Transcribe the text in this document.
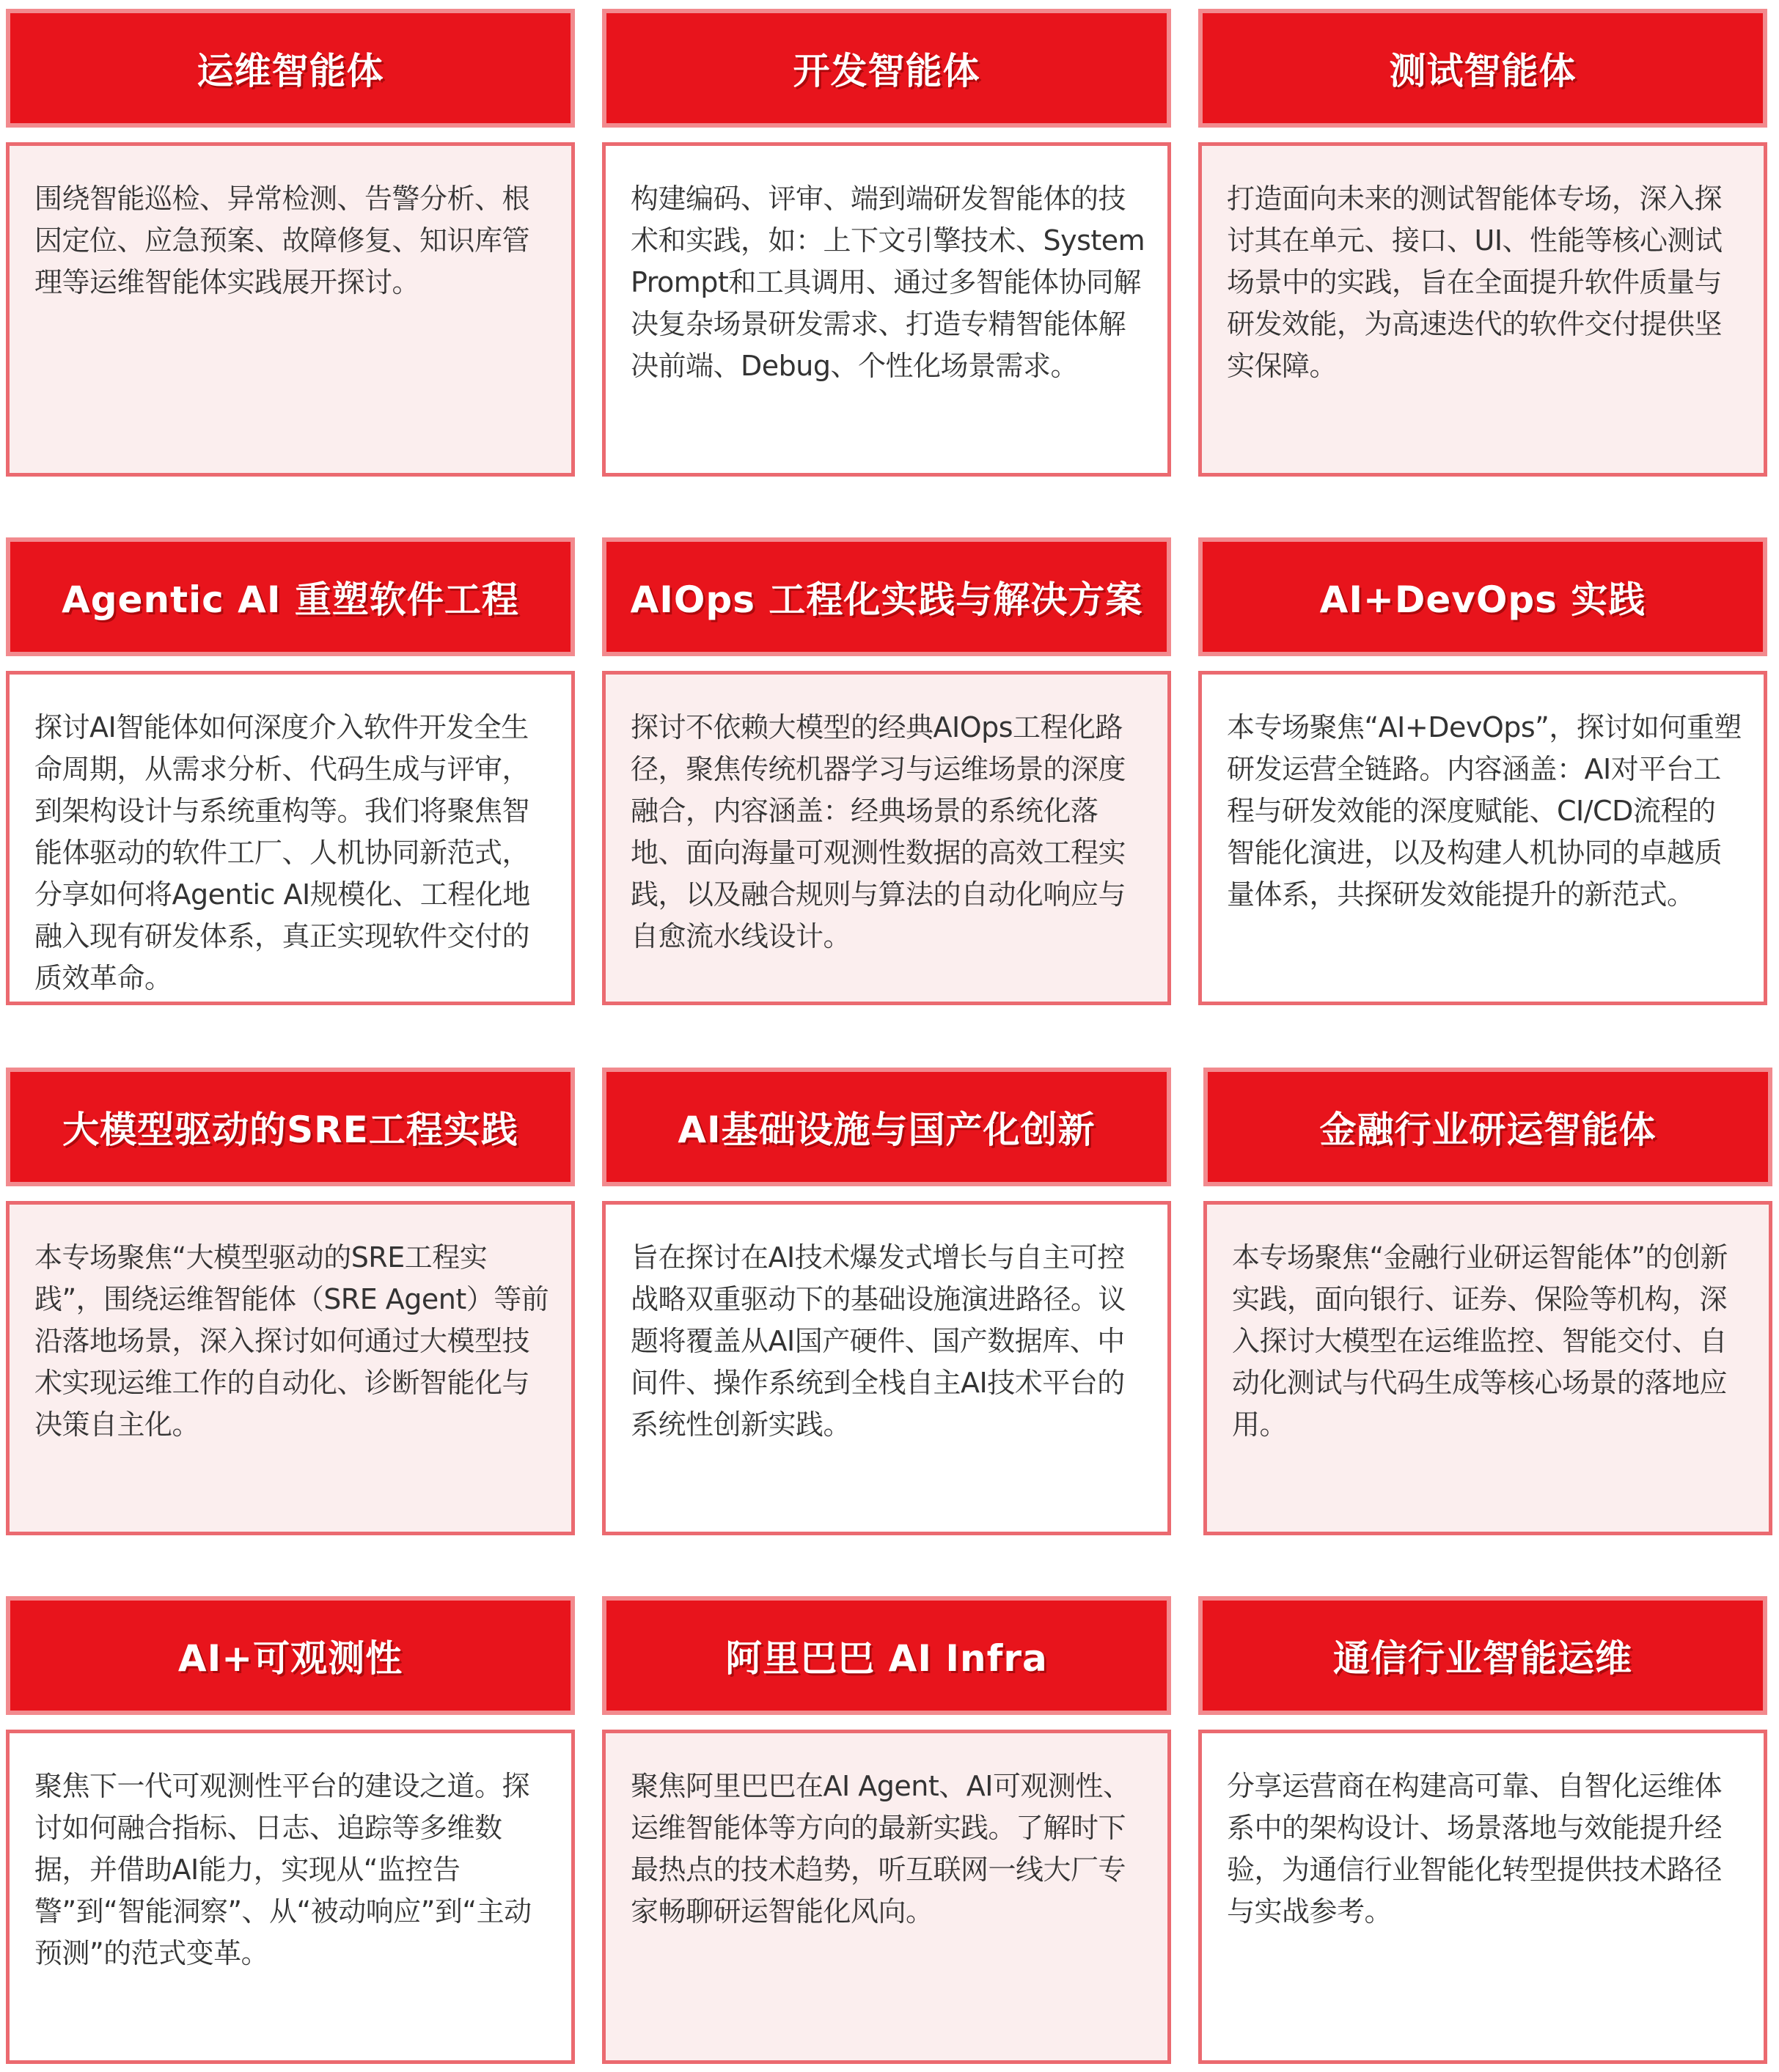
运维智能体

围绕智能巡检、异常检测、告警分析、根因定位、应急预案、故障修复、知识库管理等运维智能体实践展开探讨。

开发智能体

构建编码、评审、端到端研发智能体的技术和实践，如：上下文引擎技术、System Prompt和工具调用、通过多智能体协同解决复杂场景研发需求、打造专精智能体解决前端、Debug、个性化场景需求。

测试智能体

打造面向未来的测试智能体专场，深入探讨其在单元、接口、UI、性能等核心测试场景中的实践，旨在全面提升软件质量与研发效能，为高速迭代的软件交付提供坚实保障。

Agentic AI 重塑软件工程

探讨AI智能体如何深度介入软件开发全生命周期，从需求分析、代码生成与评审，到架构设计与系统重构等。我们将聚焦智能体驱动的软件工厂、人机协同新范式，分享如何将Agentic AI规模化、工程化地融入现有研发体系，真正实现软件交付的质效革命。

AIOps 工程化实践与解决方案

探讨不依赖大模型的经典AIOps工程化路径，聚焦传统机器学习与运维场景的深度融合，内容涵盖：经典场景的系统化落地、面向海量可观测性数据的高效工程实践，以及融合规则与算法的自动化响应与自愈流水线设计。

AI+DevOps 实践

本专场聚焦“AI+DevOps”，探讨如何重塑研发运营全链路。内容涵盖：AI对平台工程与研发效能的深度赋能、CI/CD流程的智能化演进，以及构建人机协同的卓越质量体系，共探研发效能提升的新范式。

大模型驱动的SRE工程实践

本专场聚焦“大模型驱动的SRE工程实践”，围绕运维智能体（SRE Agent）等前沿落地场景，深入探讨如何通过大模型技术实现运维工作的自动化、诊断智能化与决策自主化。

AI基础设施与国产化创新

旨在探讨在AI技术爆发式增长与自主可控战略双重驱动下的基础设施演进路径。议题将覆盖从AI国产硬件、国产数据库、中间件、操作系统到全栈自主AI技术平台的系统性创新实践。

金融行业研运智能体

本专场聚焦“金融行业研运智能体”的创新实践，面向银行、证券、保险等机构，深入探讨大模型在运维监控、智能交付、自动化测试与代码生成等核心场景的落地应用。

AI+可观测性

聚焦下一代可观测性平台的建设之道。探讨如何融合指标、日志、追踪等多维数据，并借助AI能力，实现从“监控告警”到“智能洞察”、从“被动响应”到“主动预测”的范式变革。

阿里巴巴 AI Infra

聚焦阿里巴巴在AI Agent、AI可观测性、运维智能体等方向的最新实践。了解时下最热点的技术趋势，听互联网一线大厂专家畅聊研运智能化风向。

通信行业智能运维

分享运营商在构建高可靠、自智化运维体系中的架构设计、场景落地与效能提升经验，为通信行业智能化转型提供技术路径与实战参考。
